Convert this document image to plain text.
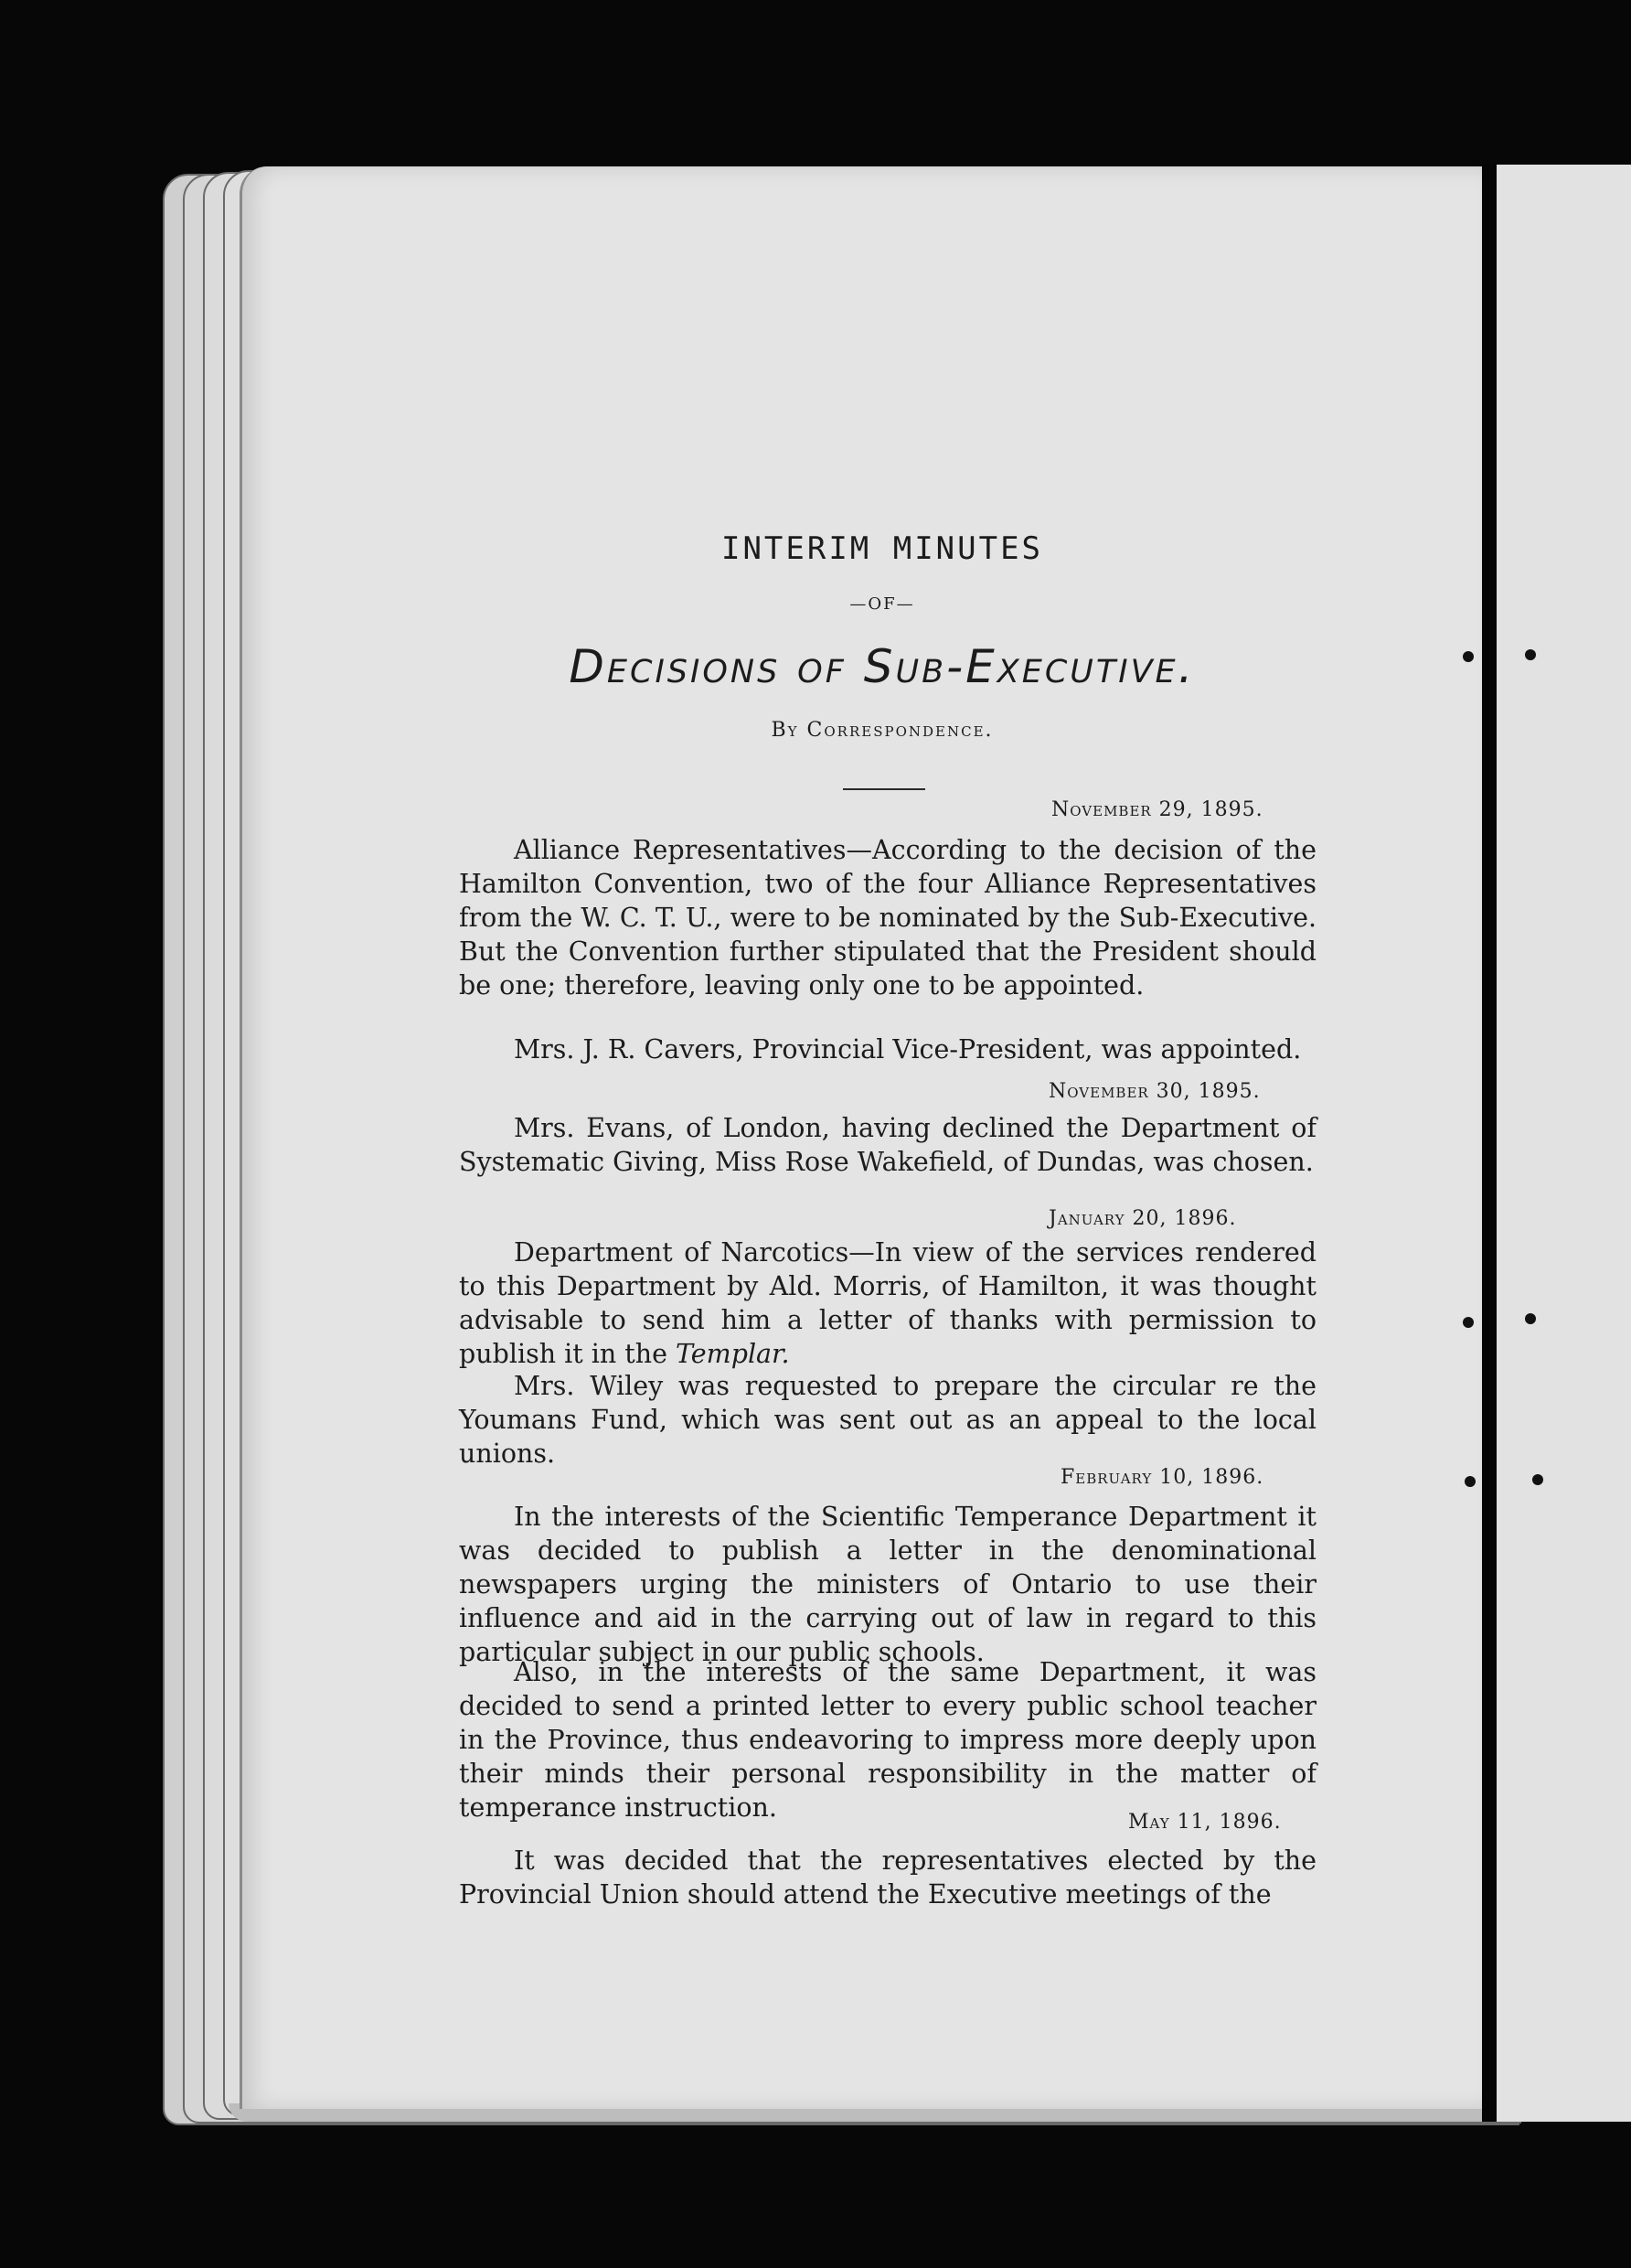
INTERIM MINUTES
—OF—
Decisions of Sub-Executive.
By Correspondence.
November 29, 1895.

Alliance Representatives—According to the decision of the Hamilton Convention, two of the four Alliance Representatives from the W. C. T. U., were to be nominated by the Sub-Executive. But the Convention further stipulated that the President should be one; therefore, leaving only one to be appointed.

Mrs. J. R. Cavers, Provincial Vice-President, was appointed.

November 30, 1895.

Mrs. Evans, of London, having declined the Department of Systematic Giving, Miss Rose Wakefield, of Dundas, was chosen.

January 20, 1896.

Department of Narcotics—In view of the services rendered to this Department by Ald. Morris, of Hamilton, it was thought advisable to send him a letter of thanks with permission to publish it in the Templar.

Mrs. Wiley was requested to prepare the circular re the Youmans Fund, which was sent out as an appeal to the local unions.

February 10, 1896.

In the interests of the Scientific Temperance Department it was decided to publish a letter in the denominational newspapers urging the ministers of Ontario to use their influence and aid in the carrying out of law in regard to this particular subject in our public schools.

Also, in the interests of the same Department, it was decided to send a printed letter to every public school teacher in the Province, thus endeavoring to impress more deeply upon their minds their personal responsibility in the matter of temperance instruction.	May 11, 1896.

It was decided that the representatives elected by the Provincial Union should attend the Executive meetings of the
